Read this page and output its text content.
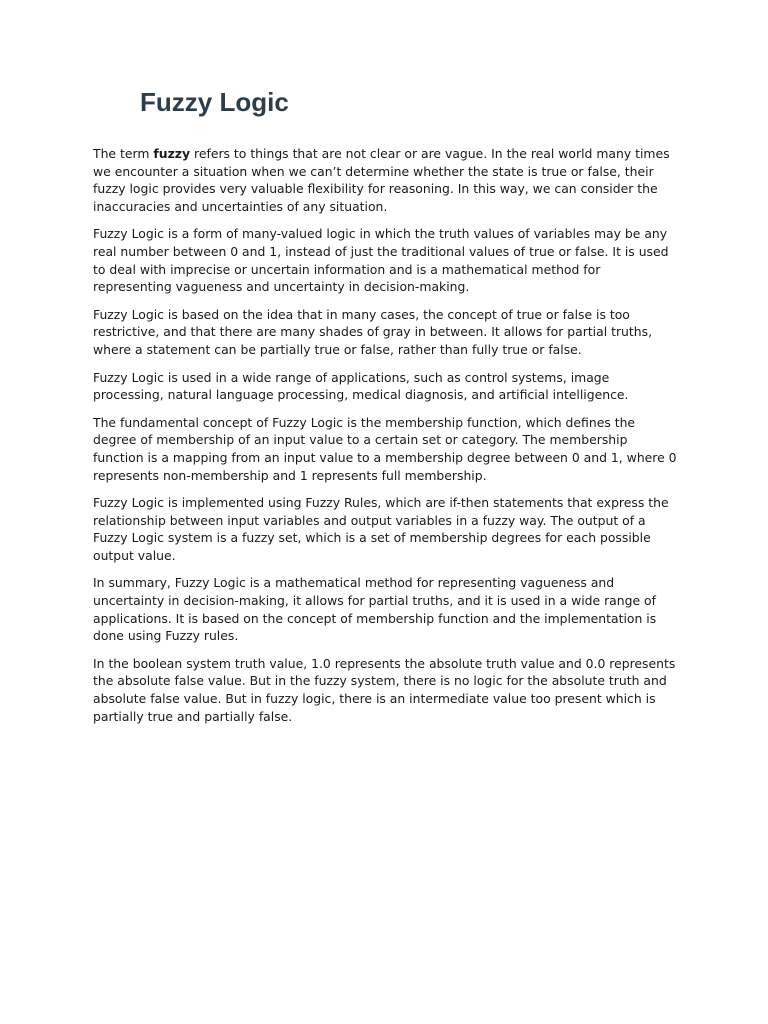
Fuzzy Logic

The term fuzzy refers to things that are not clear or are vague. In the real world many times we encounter a situation when we can’t determine whether the state is true or false, their fuzzy logic provides very valuable flexibility for reasoning. In this way, we can consider the inaccuracies and uncertainties of any situation.

Fuzzy Logic is a form of many-valued logic in which the truth values of variables may be any real number between 0 and 1, instead of just the traditional values of true or false. It is used to deal with imprecise or uncertain information and is a mathematical method for representing vagueness and uncertainty in decision-making.

Fuzzy Logic is based on the idea that in many cases, the concept of true or false is too restrictive, and that there are many shades of gray in between. It allows for partial truths, where a statement can be partially true or false, rather than fully true or false.

Fuzzy Logic is used in a wide range of applications, such as control systems, image processing, natural language processing, medical diagnosis, and artificial intelligence.

The fundamental concept of Fuzzy Logic is the membership function, which defines the degree of membership of an input value to a certain set or category. The membership function is a mapping from an input value to a membership degree between 0 and 1, where 0 represents non-membership and 1 represents full membership.

Fuzzy Logic is implemented using Fuzzy Rules, which are if-then statements that express the relationship between input variables and output variables in a fuzzy way. The output of a Fuzzy Logic system is a fuzzy set, which is a set of membership degrees for each possible output value.

In summary, Fuzzy Logic is a mathematical method for representing vagueness and uncertainty in decision-making, it allows for partial truths, and it is used in a wide range of applications. It is based on the concept of membership function and the implementation is done using Fuzzy rules.

In the boolean system truth value, 1.0 represents the absolute truth value and 0.0 represents the absolute false value. But in the fuzzy system, there is no logic for the absolute truth and absolute false value. But in fuzzy logic, there is an intermediate value too present which is partially true and partially false.
